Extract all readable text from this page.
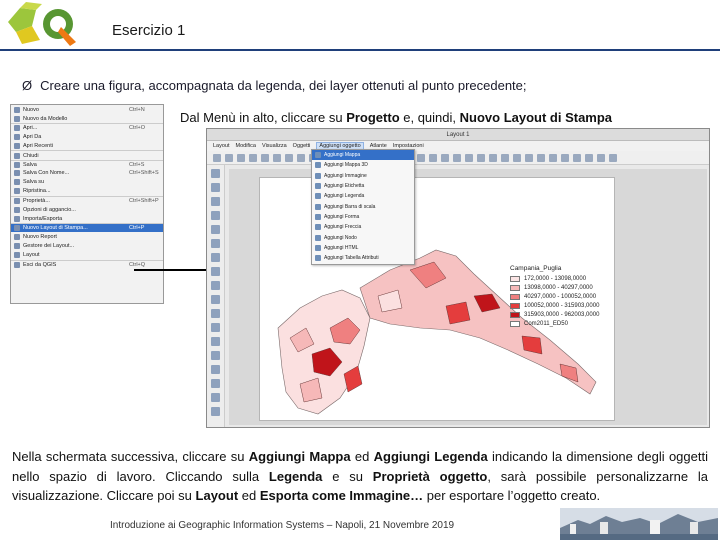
Esercizio 1
Ø Creare una figura, accompagnata da legenda, dei layer ottenuti al punto precedente;
Dal Menù in alto, cliccare su Progetto e, quindi, Nuovo Layout di Stampa
Nuovo	Ctrl+N
Nuovo da Modello
Apri...	Ctrl+O
Apri Da
Apri Recenti
Chiudi
Salva	Ctrl+S
Salva Con Nome...	Ctrl+Shift+S
Salva su
Ripristina...
Proprietà...	Ctrl+Shift+P
Opzioni di aggancio...
Importa/Esporta
Nuovo Layout di Stampa...	Ctrl+P
Nuovo Report
Gestore dei Layout...
Layout
Esci da QGIS	Ctrl+Q
Layout 1
Layout Modifica Visualizza Oggetti	Aggiungi oggetto	Atlante Impostazioni
Campania_Puglia
172,0000 - 13098,0000
13098,0000 - 40297,0000
40297,0000 - 100052,0000
100052,0000 - 315903,0000
315903,0000 - 962003,0000
Com2011_ED50
Aggiungi Mappa
Aggiungi Mappa 3D
Aggiungi Immagine
Aggiungi Etichetta
Aggiungi Legenda
Aggiungi Barra di scala
Aggiungi Forma
Aggiungi Freccia
Aggiungi Nodo
Aggiungi HTML
Aggiungi Tabella Attributi
Nella schermata successiva, cliccare su Aggiungi Mappa ed Aggiungi Legenda indicando la dimensione degli oggetti nello spazio di lavoro. Cliccando sulla Legenda e su Proprietà oggetto, sarà possibile personalizzarne la visualizzazione. Cliccare poi su Layout ed Esporta come Immagine… per esportare l’oggetto creato.
Introduzione ai Geographic Information Systems – Napoli, 21 Novembre 2019
